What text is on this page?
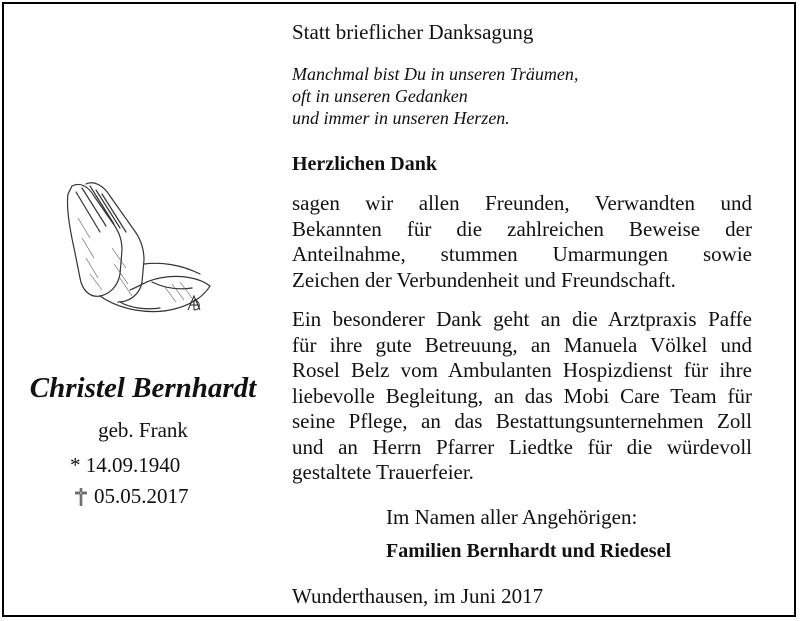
Christel Bernhardt
geb. Frank
* 14.09.1940
05.05.2017
Statt brieflicher Danksagung
Manchmal bist Du in unseren Träumen,
oft in unseren Gedanken
und immer in unseren Herzen.
Herzlichen Dank
sagen wir allen Freunden, Verwandten und
Bekannten für die zahlreichen Beweise der
Anteilnahme, stummen Umarmungen sowie
Zeichen der Verbundenheit und Freundschaft.
Ein besonderer Dank geht an die Arztpraxis Paffe
für ihre gute Betreuung, an Manuela Völkel und
Rosel Belz vom Ambulanten Hospizdienst für ihre
liebevolle Begleitung, an das Mobi Care Team für
seine Pflege, an das Bestattungsunternehmen Zoll
und an Herrn Pfarrer Liedtke für die würdevoll
gestaltete Trauerfeier.
Im Namen aller Angehörigen:
Familien Bernhardt und Riedesel
Wunderthausen, im Juni 2017
